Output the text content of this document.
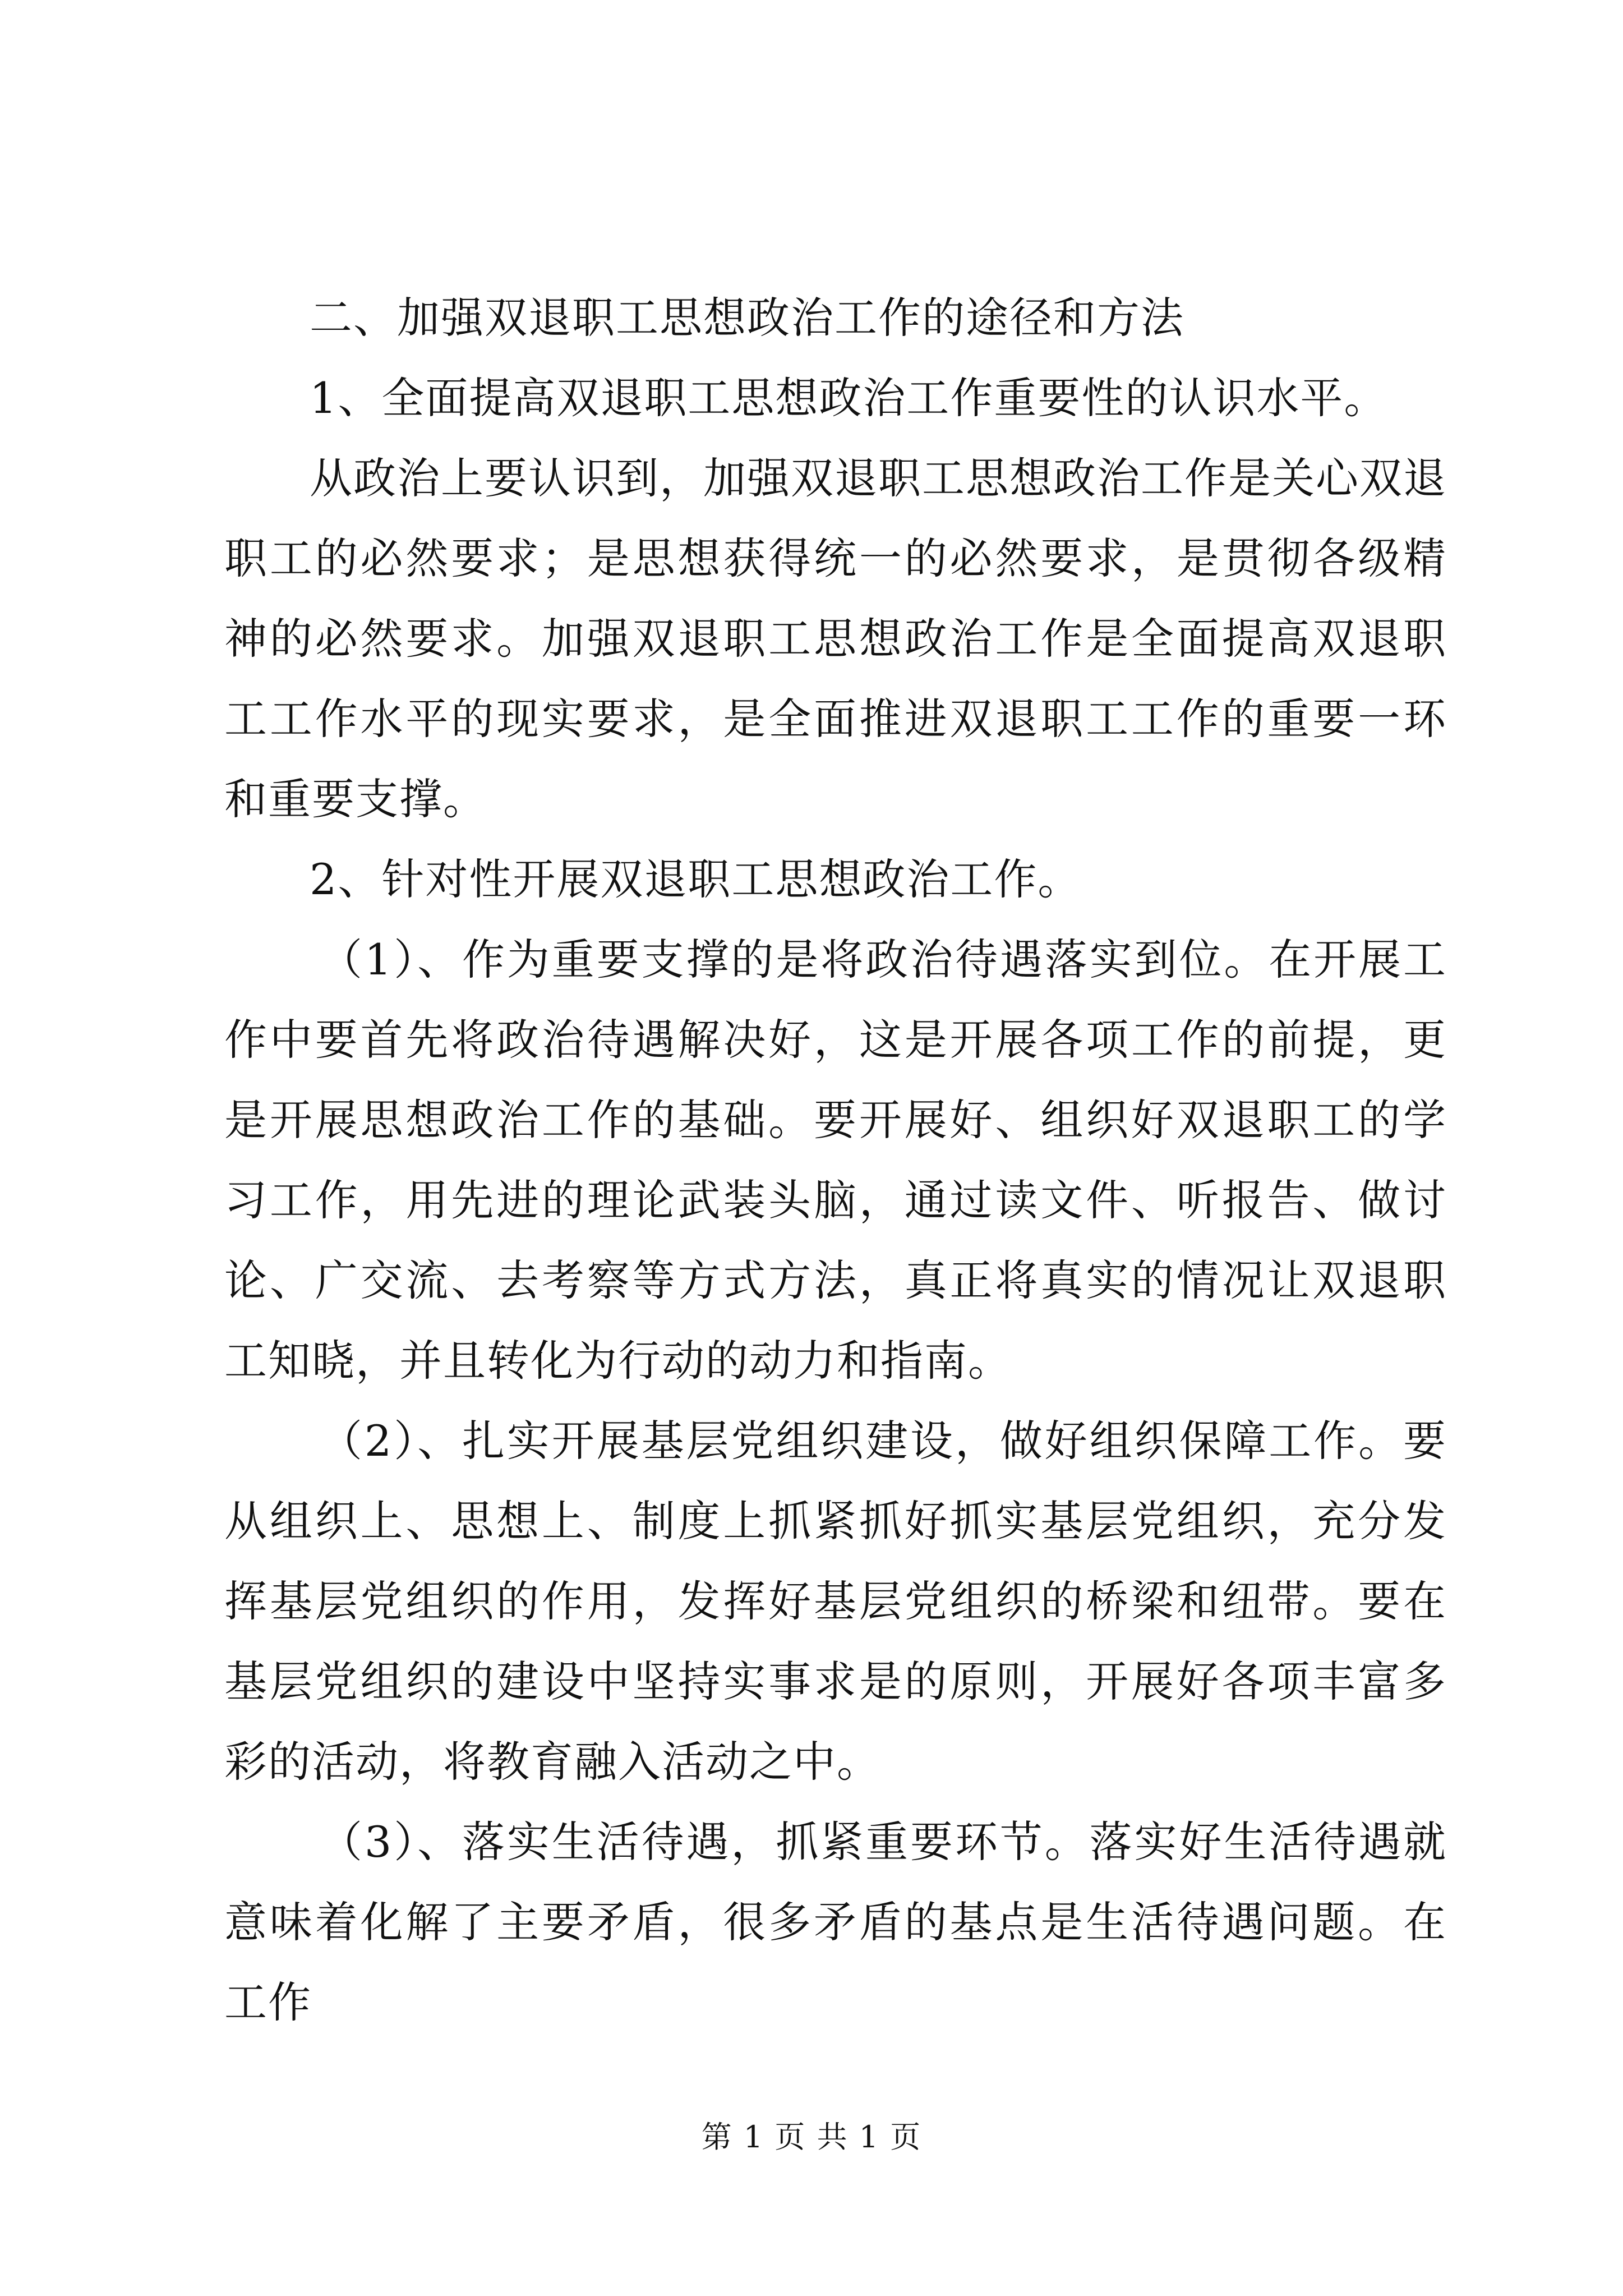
二、加强双退职工思想政治工作的途径和方法

1、全面提高双退职工思想政治工作重要性的认识水平。

从政治上要认识到，加强双退职工思想政治工作是关心双退职工的必然要求；是思想获得统一的必然要求，是贯彻各级精神的必然要求。加强双退职工思想政治工作是全面提高双退职工工作水平的现实要求，是全面推进双退职工工作的重要一环和重要支撑。

2、针对性开展双退职工思想政治工作。

（1）、作为重要支撑的是将政治待遇落实到位。在开展工作中要首先将政治待遇解决好，这是开展各项工作的前提，更是开展思想政治工作的基础。要开展好、组织好双退职工的学习工作，用先进的理论武装头脑，通过读文件、听报告、做讨论、广交流、去考察等方式方法，真正将真实的情况让双退职工知晓，并且转化为行动的动力和指南。

（2）、扎实开展基层党组织建设，做好组织保障工作。要从组织上、思想上、制度上抓紧抓好抓实基层党组织，充分发挥基层党组织的作用，发挥好基层党组织的桥梁和纽带。要在基层党组织的建设中坚持实事求是的原则，开展好各项丰富多彩的活动，将教育融入活动之中。

（3）、落实生活待遇，抓紧重要环节。落实好生活待遇就意味着化解了主要矛盾，很多矛盾的基点是生活待遇问题。在工作

第 1 页 共 1 页
